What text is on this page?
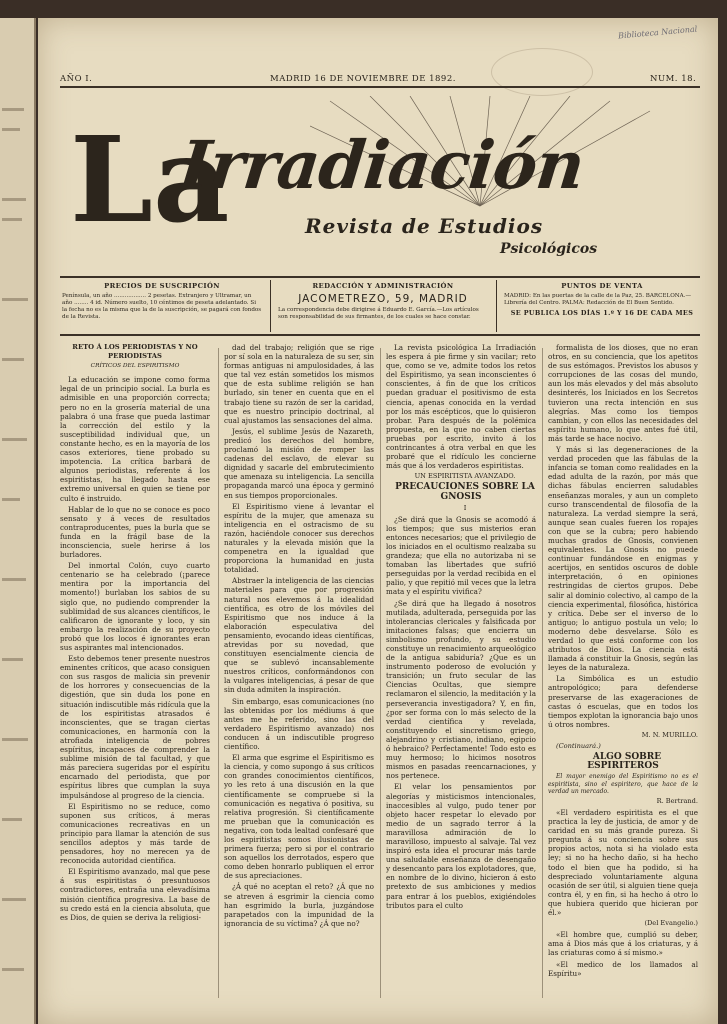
Biblioteca Nacional
AÑO I.	MADRID 16 DE NOVIEMBRE DE 1892.	NUM. 18.
La
Irradiación
Revista de Estudios
Psicológicos
PRECIOS DE SUSCRIPCIÓN
Península, un año .................. 2 pesetas. Extranjero y Ultramar, un año ........ 4 id. Número suelto, 10 céntimos de peseta adelantado. Si la fecha no es la misma que la de la suscripción, se pagará con fondos de la Revista.
REDACCIÓN Y ADMINISTRACIÓN
JACOMETREZO, 59, MADRID
La correspondencia debe dirigirse á Eduardo E. García.—Los artículos son responsabilidad de sus firmantes, de los cuales se hace constar.
PUNTOS DE VENTA
MADRID: En las puertas de la calle de la Paz, 25. BARCELONA.—Librería del Centro. PALMA: Redacción de El Buen Sentido.
SE PUBLICA LOS DÍAS 1.º Y 16 DE CADA MES

RETO Á LOS PERIODISTAS Y NO PERIODISTAS

CRÍTICOS DEL ESPIRITISMO

La educación se impone como forma legal de un principio social. La burla es admisible en una proporción correcta; pero no en la grosería material de una palabra ó una frase que pueda lastimar la corrección del estilo y la susceptibilidad individual que, un constante hecho, es en la mayoría de los casos exteriores, tiene probado su impotencia. La crítica barbará de algunos periodistas, referente á los espiritistas, ha llegado hasta ese extremo universal en quien se tiene por culto é instruido.

Hablar de lo que no se conoce es poco sensato y á veces de resultados contraproducentes, pues la burla que se funda en la frágil base de la inconsciencia, suele herirse á los burladores.

Del inmortal Colón, cuyo cuarto centenario se ha celebrado (¡parece mentira por la importancia del momento!) burlaban los sabios de su siglo que, no pudiendo comprender la sublimidad de sus alcances científicos, le calificaron de ignorante y loco, y sin embargo la realización de su proyecto probó que los locos é ignorantes eran sus aspirantes mal intencionados.

Esto debemos tener presente nuestros eminentes críticos, que acaso consiguen con sus rasgos de malicia sin prevenir de los horrores y consecuencias de la digestión, que sin duda los pone en situación indiscutible más ridícula que la de los espiritistas atrasados é inconscientes, que se tragan ciertas comunicaciones, en harmonía con la atrofiada inteligencia de pobres espíritus, incapaces de comprender la sublime misión de tal facultad, y que más pareciera sugeridas por el espíritu encarnado del periodista, que por espíritus libres que cumplan la suya impulsándose al progreso de la ciencia.

El Espiritismo no se reduce, como suponen sus críticos, á meras comunicaciones recreativas en un principio para llamar la atención de sus sencillos adeptos y más tarde de pensadores, hoy no merecen ya de reconocida autoridad científica.

El Espiritismo avanzado, mal que pese á sus espiritistas ó presuntuosos contradictores, entraña una elevadísima misión científica progresiva. La base de su credo está en la ciencia absoluta, que es Dios, de quien se deriva la religiosi-

dad del trabajo; religión que se rige por sí sola en la naturaleza de su ser, sin formas antiguas ni ampulosidades, á las que tal vez están sometidos los mismos que de esta sublime religión se han burlado, sin tener en cuenta que en el trabajo tiene su razón de ser la caridad, que es nuestro principio doctrinal, al cual ajustamos las sensaciones del alma.

Jesús, el sublime Jesús de Nazareth, predicó los derechos del hombre, proclamó la misión de romper las cadenas del esclavo, de elevar su dignidad y sacarle del embrutecimiento que amenaza su inteligencia. La sencilla propaganda marcó una época y germinó en sus tiempos proporcionales.

El Espiritismo viene á levantar el espíritu de la mujer, que amenaza su inteligencia en el ostracismo de su razón, haciéndole conocer sus derechos naturales y la elevada misión que la compenetra en la igualdad que proporciona la humanidad en justa totalidad.

Abstraer la inteligencia de las ciencias materiales para que por progresión natural nos elevemos á la idealidad científica, es otro de los móviles del Espiritismo que nos induce á la elaboración especulativa del pensamiento, evocando ideas científicas, atrevidas por su novedad, que constituyen esencialmente ciencia de que se sublevó incansablemente nuestros críticos, conformándonos con la vulgares inteligencias, á pesar de que sin duda admiten la inspiración.

Sin embargo, esas comunicaciones (no las obtenidas por los médiums á que antes me he referido, sino las del verdadero Espiritismo avanzado) nos conducen á un indiscutible progreso científico.

El arma que esgrime el Espiritismo es la ciencia, y como supongo á sus críticos con grandes conocimientos científicos, yo les reto á una discusión en la que científicamente se compruebe si la comunicación es negativa ó positiva, su relativa progresión. Si científicamente me prueban que la comunicación es negativa, con toda lealtad confesaré que los espiritistas somos ilusionistas de primera fuerza; pero si por el contrario son aquellos los derrotados, espero que como deben honrarlo publiquen el error de sus apreciaciones.

¿Á qué no aceptan el reto? ¿Á que no se atreven á esgrimir la ciencia como han esgrimido la burla, juzgándose parapetados con la impunidad de la ignorancia de su víctima? ¿Á que no?

La revista psicológica La Irradiación les espera á pie firme y sin vacilar; reto que, como se ve, admite todos los retos del Espiritismo, ya sean inconscientes ó conscientes, á fin de que los críticos puedan graduar el positivismo de esta ciencia, apenas conocida en la verdad por los más escépticos, que lo quisieron probar. Para después de la polémica propuesta, en la que no caben ciertas pruebas por escrito, invito á los contrincantes á otra verbal en que les probaré que el ridículo les concierne más que á los verdaderos espiritistas.

UN ESPIRITISTA AVANZADO.

PRECAUCIONES SOBRE LA GNOSIS

I

¿Se dirá que la Gnosis se acomodó á los tiempos; que sus misterios eran entonces necesarios; que el privilegio de los iniciados en el ocultismo realzaba su grandeza; que ella no autorizaba ni se tomaban las libertades que sufrió perseguidas por la verdad recibida en el palio, y que repitió mil veces que la letra mata y el espíritu vivifica?

¿Se dirá que ha llegado á nosotros mutilada, adulterada, perseguida por las intolerancias clericales y falsificada por imitaciones falsas; que encierra un simbolismo profundo, y su estudio constituye un renacimiento arqueológico de la antigua sabiduría? ¿Que es un instrumento poderoso de evolución y transición; un fruto secular de las Ciencias Ocultas, que siempre reclamaron el silencio, la meditación y la perseverancia investigadora? Y, en fin, ¿por ser forma con lo más selecto de la verdad científica y revelada, constituyendo el sincretismo griego, alejandrino y cristiano, indiano, egipcio ó hebraico? Perfectamente! Todo esto es muy hermoso; lo hicimos nosotros mismos en pasadas reencarnaciones, y nos pertenece.

El velar los pensamientos por alegorías y misticismos intencionales, inaccesibles al vulgo, pudo tener por objeto hacer respetar lo elevado por medio de un sagrado terror á la maravillosa admiración de lo maravilloso, impuesto al salvaje. Tal vez inspiró esta idea el procurar más tarde una saludable enseñanza de desengaño y desencanto para los explotadores, que, en nombre de lo divino, hicieron á esto pretexto de sus ambiciones y medios para entrar á los pueblos, exigiéndoles tributos para el culto

formalista de los dioses, que no eran otros, en su conciencia, que los apetitos de sus estómagos. Previstos los abusos y corrupciones de las cosas del mundo, aun los más elevados y del más absoluto desinterés, los Iniciados en los Secretos tuvieron una recta intención en sus alegrías. Mas como los tiempos cambian, y con ellos las necesidades del espíritu humano, lo que antes fué útil, más tarde se hace nocivo.

Y más si las degeneraciones de la verdad proceden que las fábulas de la infancia se toman como realidades en la edad adulta de la razón, por más que dichas fábulas encierren saludables enseñanzas morales, y aun un completo curso transcendental de filosofía de la naturaleza. La verdad siempre la será, aunque sean cuales fueren los ropajes con que se la cubra; pero habiendo muchas grados de Gnosis, convienen equivalentes. La Gnosis no puede continuar fundándose en enigmas y acertijos, en sentidos oscuros de doble interpretación, ó en opiniones restringidas de ciertos grupos. Debe salir al dominio colectivo, al campo de la ciencia experimental, filosófica, histórica y crítica. Debe ser el inverso de lo antiguo; lo antiguo postula un velo; lo moderno debe desvelarse. Sólo es verdad lo que está conforme con los atributos de Dios. La ciencia está llamada á constituir la Gnosis, según las leyes de la naturaleza.

La Simbólica es un estudio antropológico; para defenderse preservarse de las exageraciones de castas ó escuelas, que en todos los tiempos explotan la ignorancia bajo unos ú otros nombres.

M. N. MURILLO.

(Continuará.)

ALGO SOBRE ESPIRITEROS

El mayor enemigo del Espiritismo no es el espiritista, sino el espiritero, que hace de la verdad un mercado.

R. Bertrand.

«El verdadero espiritista es el que practica la ley de justicia, de amor y de caridad en su más grande pureza. Si pregunta á su conciencia sobre sus propios actos, nota si ha violado esta ley; si no ha hecho daño, si ha hecho todo el bien que ha podido, si ha despreciado voluntariamente alguna ocasión de ser útil, si alguien tiene queja contra él, y en fin, si ha hecho á otro lo que hubiera querido que hicieran por él.»

(Del Evangelio.)

«El hombre que, cumplió su deber, ama á Dios más que á los criaturas, y á las criaturas como á sí mismo.»

«El medico de los llamados al Espíritu»
